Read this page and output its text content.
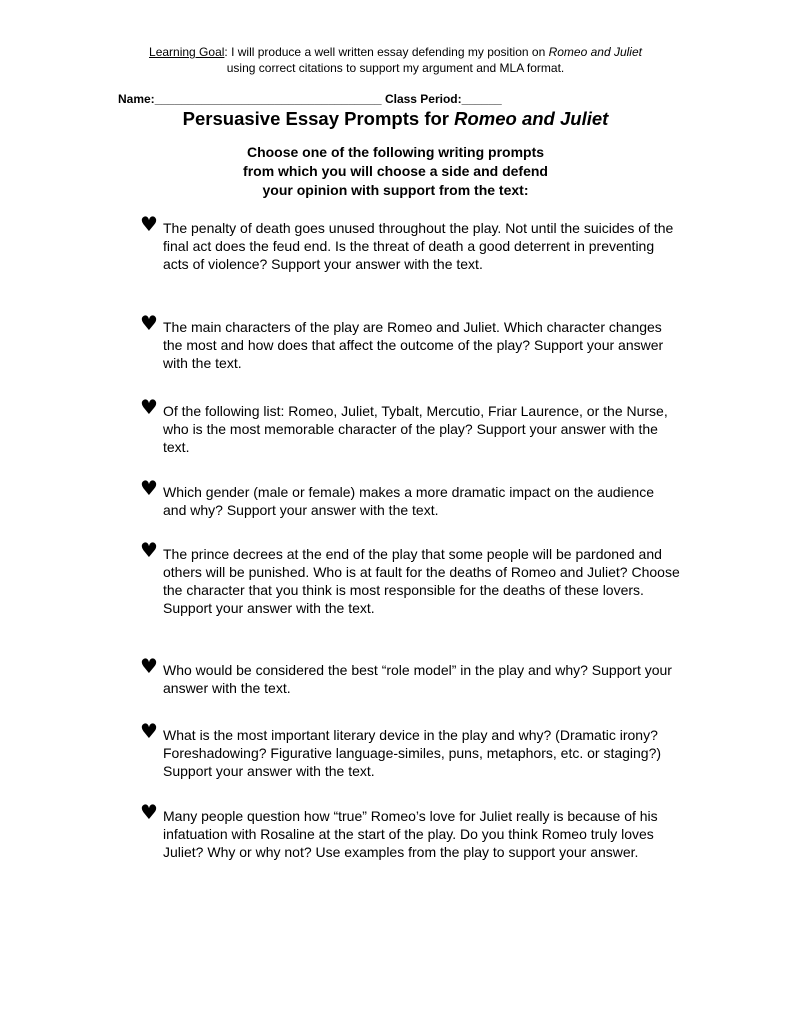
Learning Goal: I will produce a well written essay defending my position on Romeo and Juliet
using correct citations to support my argument and MLA format.
Name:__________________________________ Class Period:______
Persuasive Essay Prompts for Romeo and Juliet
Choose one of the following writing prompts
from which you will choose a side and defend
your opinion with support from the text:
♥ The penalty of death goes unused throughout the play. Not until the suicides of the final act does the feud end. Is the threat of death a good deterrent in preventing acts of violence? Support your answer with the text.
♥ The main characters of the play are Romeo and Juliet. Which character changes the most and how does that affect the outcome of the play? Support your answer with the text.
♥ Of the following list: Romeo, Juliet, Tybalt, Mercutio, Friar Laurence, or the Nurse, who is the most memorable character of the play? Support your answer with the text.
♥ Which gender (male or female) makes a more dramatic impact on the audience and why? Support your answer with the text.
♥ The prince decrees at the end of the play that some people will be pardoned and others will be punished. Who is at fault for the deaths of Romeo and Juliet? Choose the character that you think is most responsible for the deaths of these lovers. Support your answer with the text.
♥ Who would be considered the best “role model” in the play and why? Support your answer with the text.
♥ What is the most important literary device in the play and why? (Dramatic irony? Foreshadowing? Figurative language-similes, puns, metaphors, etc. or staging?) Support your answer with the text.
♥ Many people question how “true” Romeo’s love for Juliet really is because of his infatuation with Rosaline at the start of the play. Do you think Romeo truly loves Juliet? Why or why not? Use examples from the play to support your answer.
